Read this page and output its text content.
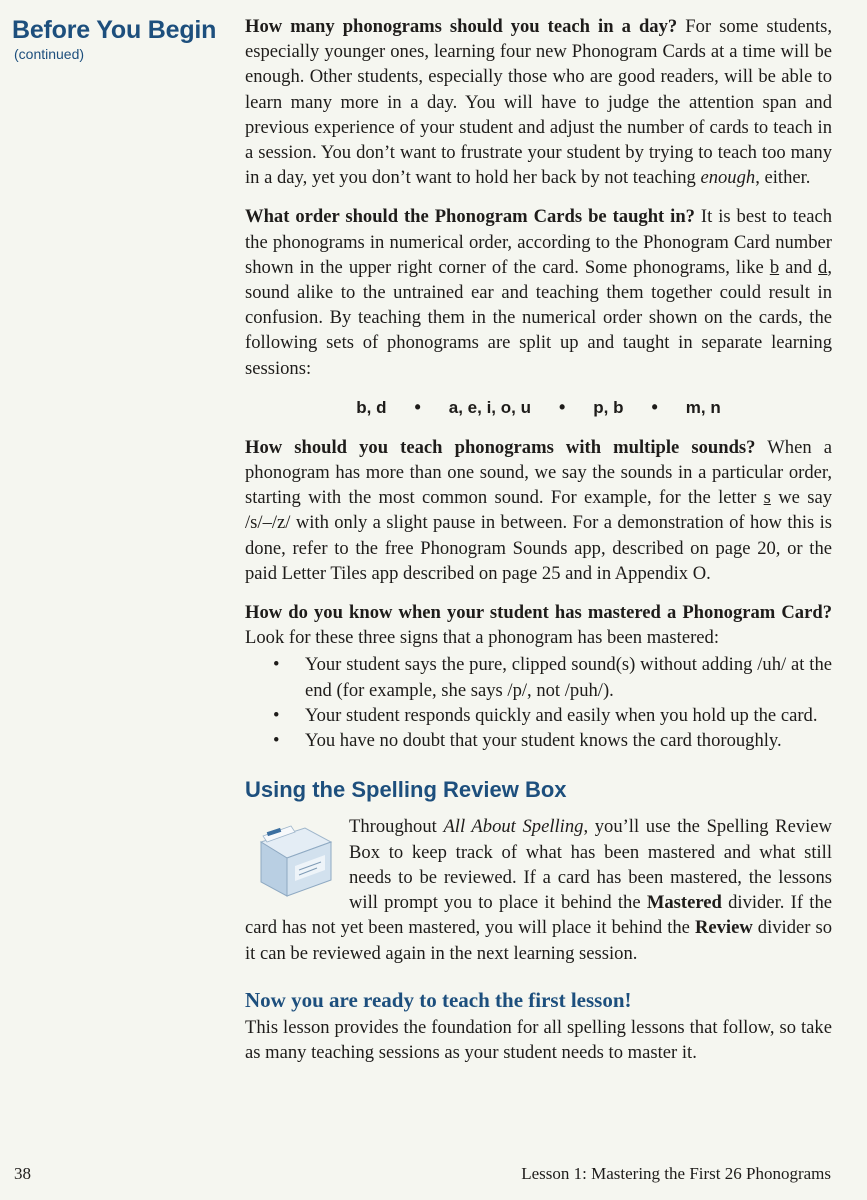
Before You Begin
(continued)

How many phonograms should you teach in a day? For some students, especially younger ones, learning four new Phonogram Cards at a time will be enough. Other students, especially those who are good readers, will be able to learn many more in a day. You will have to judge the attention span and previous experience of your student and adjust the number of cards to teach in a session. You don’t want to frustrate your student by trying to teach too many in a day, yet you don’t want to hold her back by not teaching enough, either.

What order should the Phonogram Cards be taught in? It is best to teach the phonograms in numerical order, according to the Phonogram Card number shown in the upper right corner of the card. Some phonograms, like b and d, sound alike to the untrained ear and teaching them together could result in confusion. By teaching them in the numerical order shown on the cards, the following sets of phonograms are split up and taught in separate learning sessions:

b, d	•	a, e, i, o, u	•	p, b	•	m, n

How should you teach phonograms with multiple sounds? When a phonogram has more than one sound, we say the sounds in a particular order, starting with the most common sound. For example, for the letter s we say /s/–/z/ with only a slight pause in between. For a demonstration of how this is done, refer to the free Phonogram Sounds app, described on page 20, or the paid Letter Tiles app described on page 25 and in Appendix O.

How do you know when your student has mastered a Phonogram Card? Look for these three signs that a phonogram has been mastered:

• Your student says the pure, clipped sound(s) without adding /uh/ at the end (for example, she says /p/, not /puh/).
• Your student responds quickly and easily when you hold up the card.
• You have no doubt that your student knows the card thoroughly.
Using the Spelling Review Box
Throughout All About Spelling, you’ll use the Spelling Review Box to keep track of what has been mastered and what still needs to be reviewed. If a card has been mastered, the lessons will prompt you to place it behind the Mastered divider. If the card has not yet been mastered, you will place it behind the Review divider so it can be reviewed again in the next learning session.
Now you are ready to teach the first lesson!

This lesson provides the foundation for all spelling lessons that follow, so take as many teaching sessions as your student needs to master it.

38	Lesson 1: Mastering the First 26 Phonograms
